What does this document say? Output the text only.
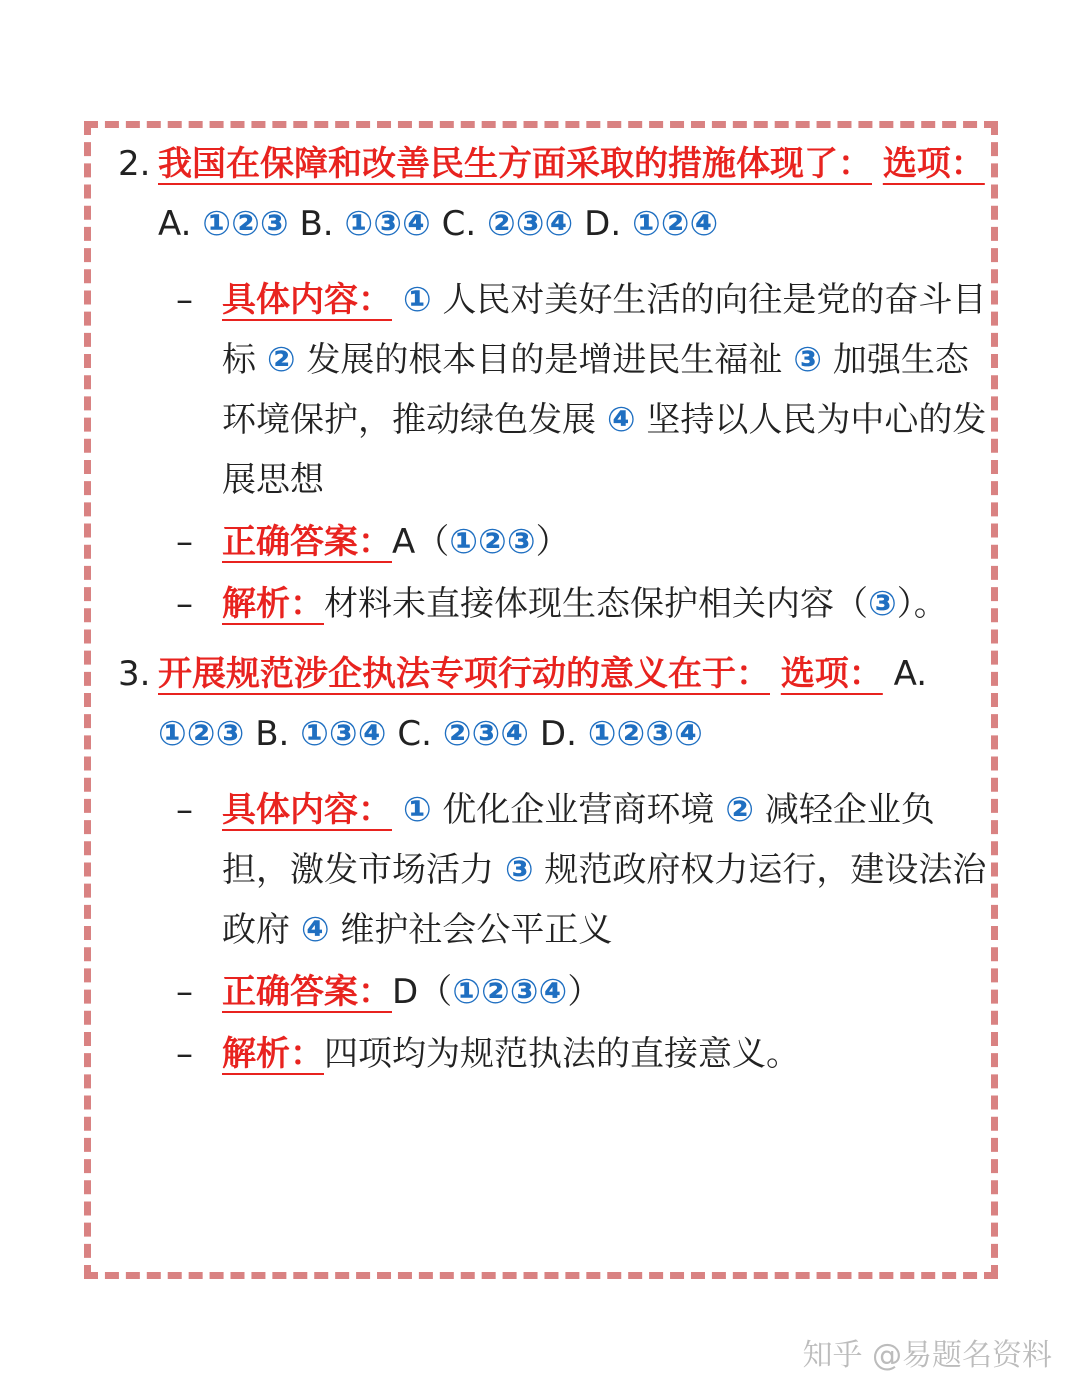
2. 我国在保障和改善民生方面采取的措施体现了： 选项： A. ①②③ B. ①③④ C. ②③④ D. ①②④
– 具体内容： ① 人民对美好生活的向往是党的奋斗目标 ② 发展的根本目的是增进民生福祉 ③ 加强生态环境保护，推动绿色发展 ④ 坚持以人民为中心的发展思想
– 正确答案：A（①②③）
– 解析：材料未直接体现生态保护相关内容（③）。
3. 开展规范涉企执法专项行动的意义在于： 选项： A. ①②③ B. ①③④ C. ②③④ D. ①②③④
– 具体内容： ① 优化企业营商环境 ② 减轻企业负担，激发市场活力 ③ 规范政府权力运行，建设法治政府 ④ 维护社会公平正义
– 正确答案：D（①②③④）
– 解析：四项均为规范执法的直接意义。
知乎 @易题名资料
